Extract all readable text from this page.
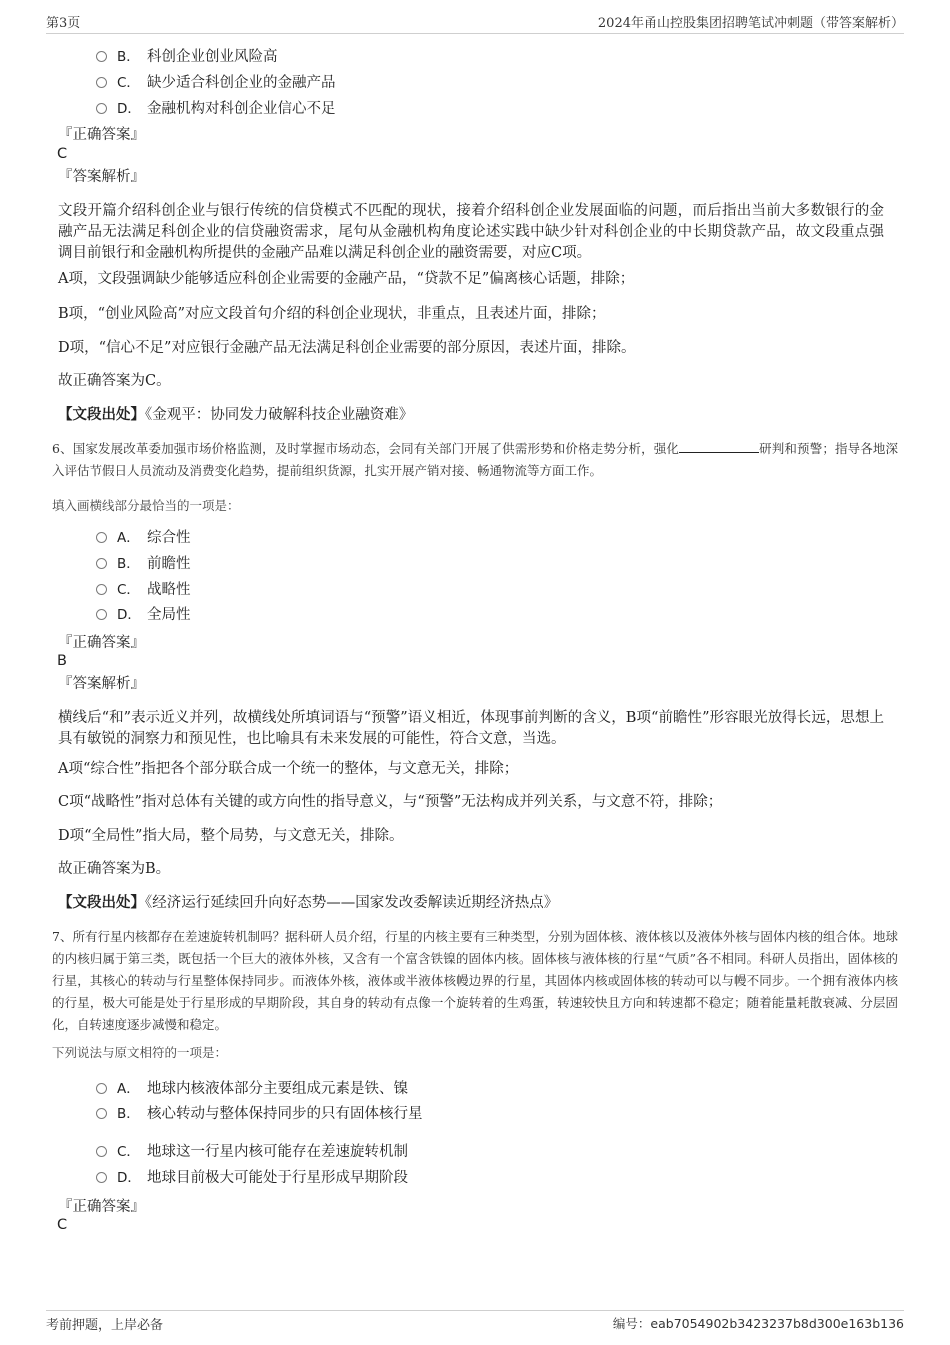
第3页	2024年甬山控股集团招聘笔试冲刺题（带答案解析）
B． 科创企业创业风险高
C． 缺少适合科创企业的金融产品
D． 金融机构对科创企业信心不足
『正确答案』
C
『答案解析』
文段开篇介绍科创企业与银行传统的信贷模式不匹配的现状，接着介绍科创企业发展面临的问题，而后指出当前大多数银行的金融产品无法满足科创企业的信贷融资需求，尾句从金融机构角度论述实践中缺少针对科创企业的中长期贷款产品，故文段重点强调目前银行和金融机构所提供的金融产品难以满足科创企业的融资需要，对应C项。
A项，文段强调缺少能够适应科创企业需要的金融产品，“贷款不足”偏离核心话题，排除；
B项，“创业风险高”对应文段首句介绍的科创企业现状，非重点，且表述片面，排除；
D项，“信心不足”对应银行金融产品无法满足科创企业需要的部分原因，表述片面，排除。
故正确答案为C。
【文段出处】《金观平：协同发力破解科技企业融资难》
6、国家发展改革委加强市场价格监测，及时掌握市场动态，会同有关部门开展了供需形势和价格走势分析，强化	研判和预警；指导各地深入评估节假日人员流动及消费变化趋势，提前组织货源，扎实开展产销对接、畅通物流等方面工作。
填入画横线部分最恰当的一项是：
A． 综合性
B． 前瞻性
C． 战略性
D． 全局性
『正确答案』
B
『答案解析』
横线后“和”表示近义并列，故横线处所填词语与“预警”语义相近，体现事前判断的含义，B项“前瞻性”形容眼光放得长远，思想上具有敏锐的洞察力和预见性，也比喻具有未来发展的可能性，符合文意，当选。
A项“综合性”指把各个部分联合成一个统一的整体，与文意无关，排除；
C项“战略性”指对总体有关键的或方向性的指导意义，与“预警”无法构成并列关系，与文意不符，排除；
D项“全局性”指大局，整个局势，与文意无关，排除。
故正确答案为B。
【文段出处】《经济运行延续回升向好态势——国家发改委解读近期经济热点》
7、所有行星内核都存在差速旋转机制吗？据科研人员介绍，行星的内核主要有三种类型，分别为固体核、液体核以及液体外核与固体内核的组合体。地球的内核归属于第三类，既包括一个巨大的液体外核，又含有一个富含铁镍的固体内核。固体核与液体核的行星“气质”各不相同。科研人员指出，固体核的行星，其核心的转动与行星整体保持同步。而液体外核，液体或半液体核幔边界的行星，其固体内核或固体核的转动可以与幔不同步。一个拥有液体内核的行星，极大可能是处于行星形成的早期阶段，其自身的转动有点像一个旋转着的生鸡蛋，转速较快且方向和转速都不稳定；随着能量耗散衰减、分层固化，自转速度逐步减慢和稳定。
下列说法与原文相符的一项是：
A． 地球内核液体部分主要组成元素是铁、镍
B． 核心转动与整体保持同步的只有固体核行星
C． 地球这一行星内核可能存在差速旋转机制
D． 地球目前极大可能处于行星形成早期阶段
『正确答案』
C
考前押题，上岸必备	编号：eab7054902b3423237b8d300e163b136
